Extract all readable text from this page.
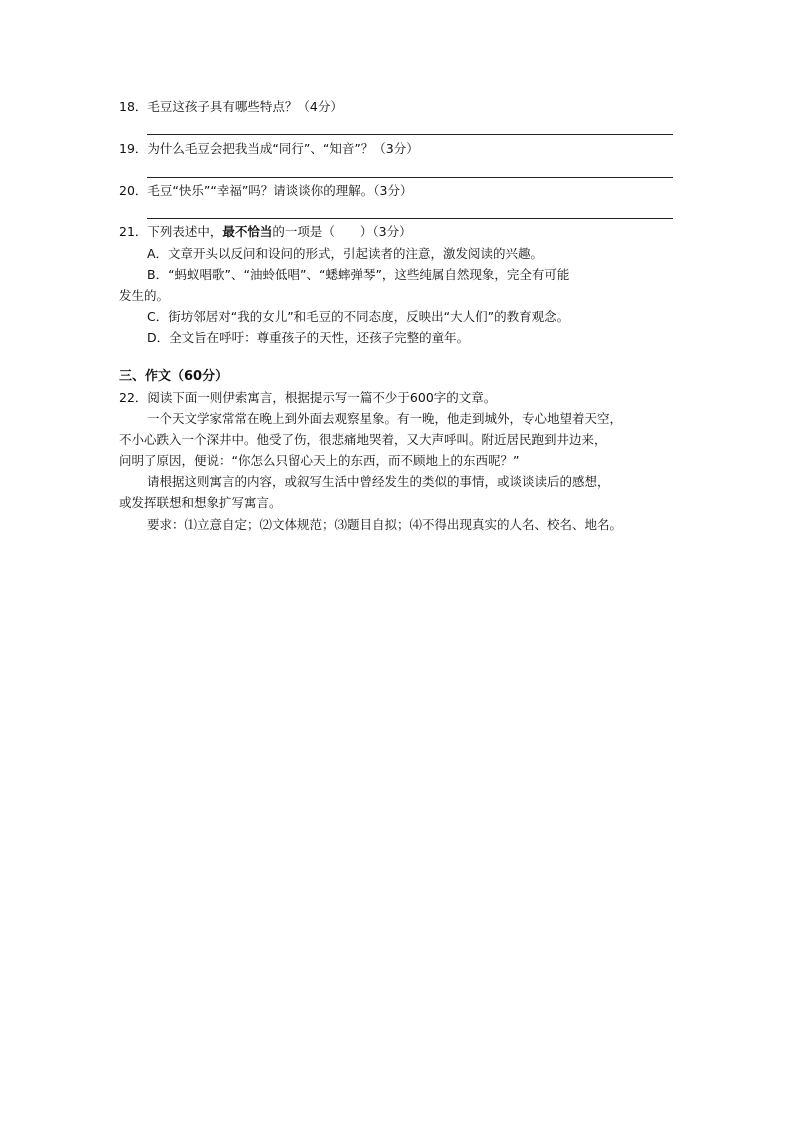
18．毛豆这孩子具有哪些特点？（4分）
19．为什么毛豆会把我当成“同行”、“知音”？（3分）
20．毛豆“快乐”“幸福”吗？请谈谈你的理解。（3分）
21．下列表述中，最不恰当的一项是（　　）（3分）
A．文章开头以反问和设问的形式，引起读者的注意，激发阅读的兴趣。
B．“蚂蚁唱歌”、“油蛉低唱”、“蟋蟀弹琴”，这些纯属自然现象，完全有可能
发生的。
C．街坊邻居对“我的女儿”和毛豆的不同态度，反映出“大人们”的教育观念。
D．全文旨在呼吁：尊重孩子的天性，还孩子完整的童年。
三、作文（60分）
22．阅读下面一则伊索寓言，根据提示写一篇不少于600字的文章。
一个天文学家常常在晚上到外面去观察星象。有一晚，他走到城外，专心地望着天空，
不小心跌入一个深井中。他受了伤，很悲痛地哭着，又大声呼叫。附近居民跑到井边来，
问明了原因，便说：“你怎么只留心天上的东西，而不顾地上的东西呢？”
请根据这则寓言的内容，或叙写生活中曾经发生的类似的事情，或谈谈读后的感想，
或发挥联想和想象扩写寓言。
要求：⑴立意自定；⑵文体规范；⑶题目自拟；⑷不得出现真实的人名、校名、地名。
